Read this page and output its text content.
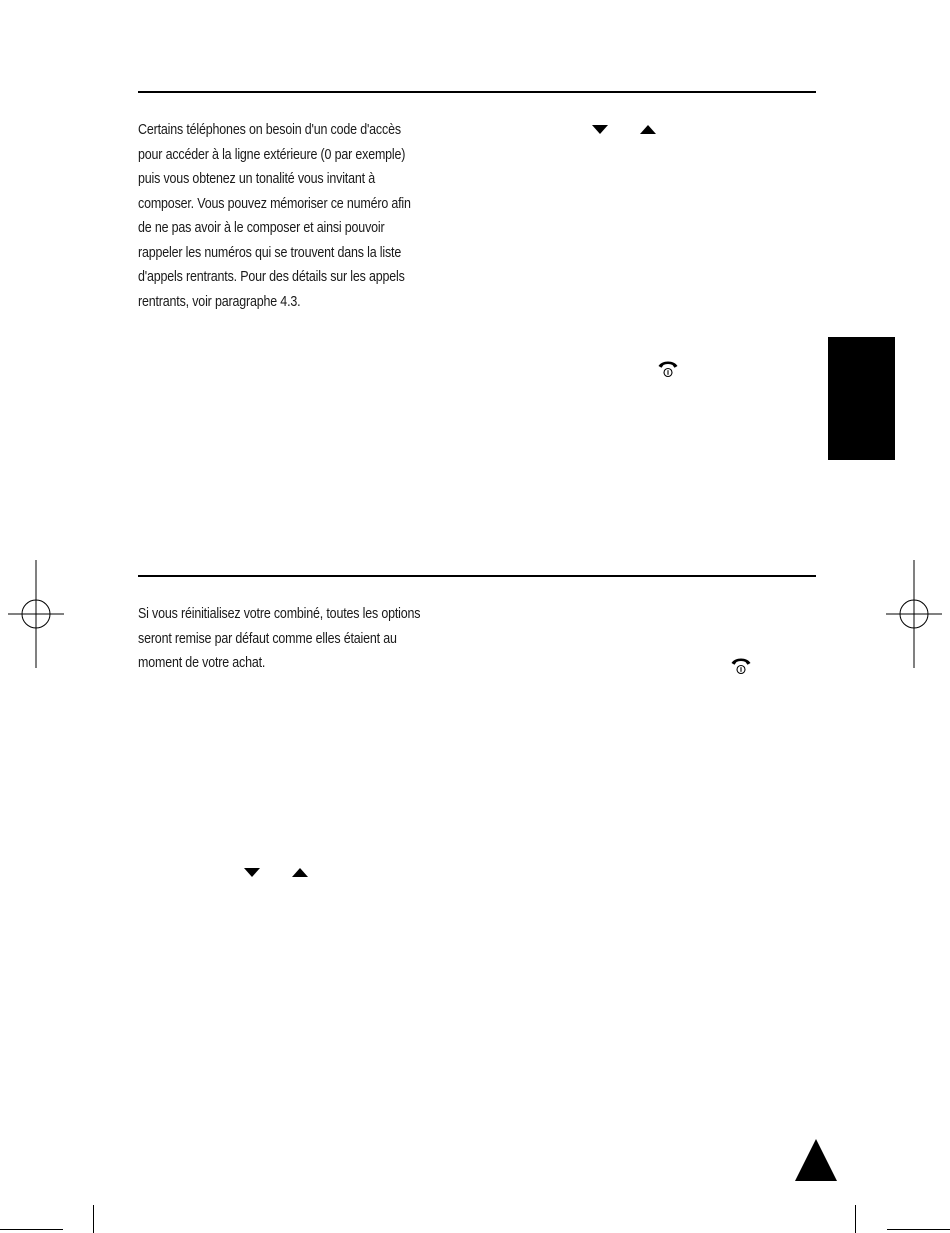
Certains téléphones on besoin d'un code d'accès
pour accéder à la ligne extérieure (0 par exemple)
puis vous obtenez un tonalité vous invitant à
composer. Vous pouvez mémoriser ce numéro afin
de ne pas avoir à le composer et ainsi pouvoir
rappeler les numéros qui se trouvent dans la liste
d'appels rentrants. Pour des détails sur les appels
rentrants, voir paragraphe 4.3.
Si vous réinitialisez votre combiné, toutes les options
seront remise par défaut comme elles étaient au
moment de votre achat.
